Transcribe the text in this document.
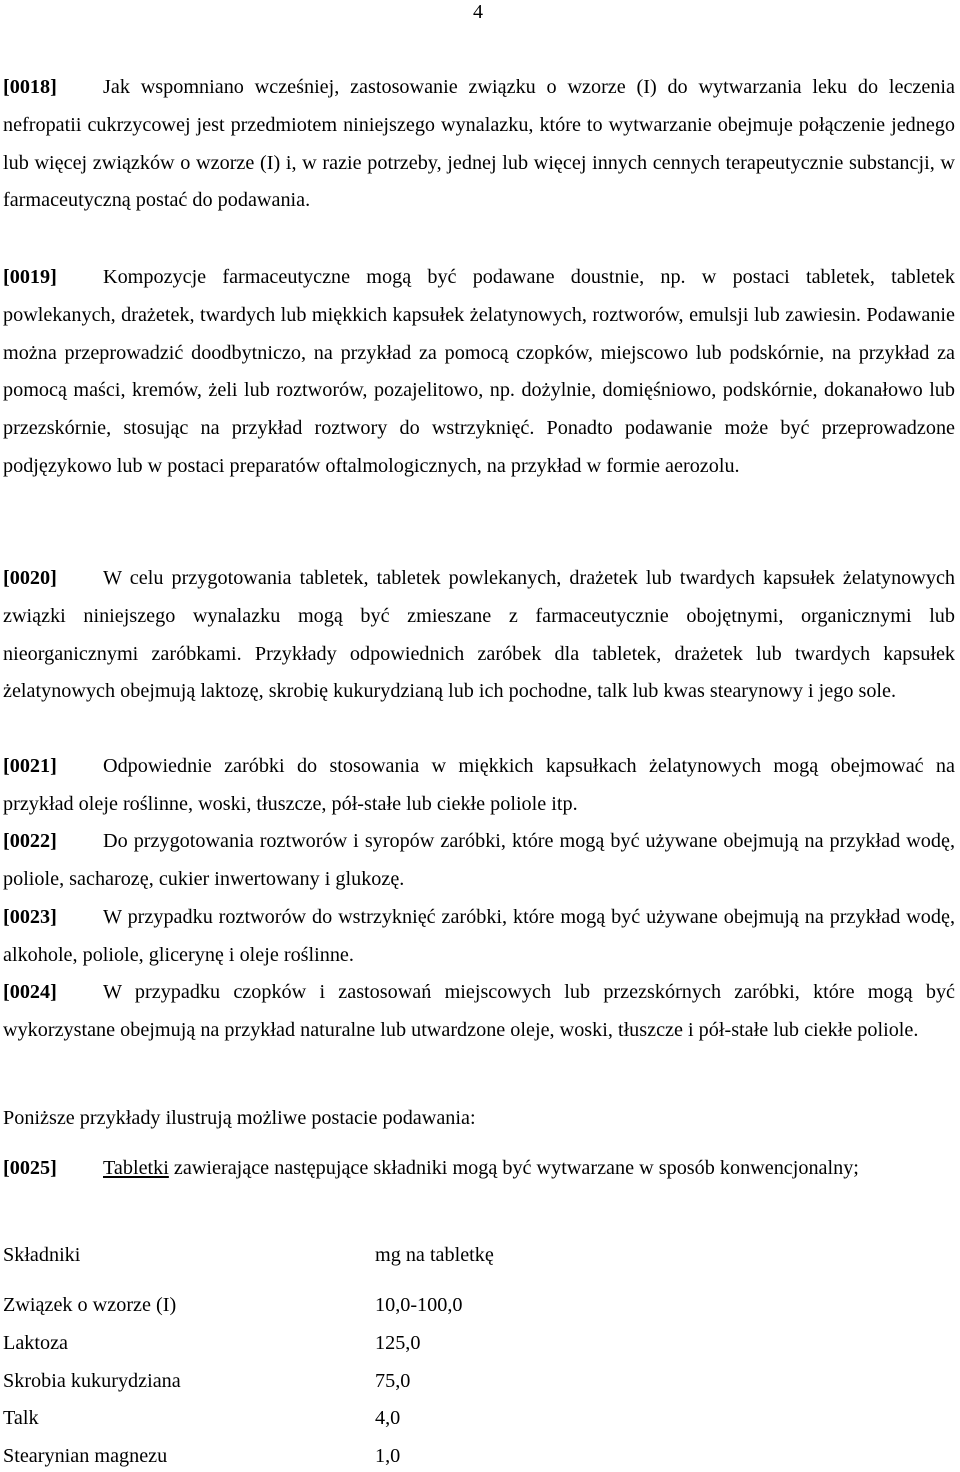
4

[0018] Jak wspomniano wcześniej, zastosowanie związku o wzorze (I) do wytwarzania leku do leczenia nefropatii cukrzycowej jest przedmiotem niniejszego wynalazku, które to wytwarzanie obejmuje połączenie jednego lub więcej związków o wzorze (I) i, w razie potrzeby, jednej lub więcej innych cennych terapeutycznie substancji, w farmaceutyczną postać do podawania.

[0019] Kompozycje farmaceutyczne mogą być podawane doustnie, np. w postaci tabletek, tabletek powlekanych, drażetek, twardych lub miękkich kapsułek żelatynowych, roztworów, emulsji lub zawiesin. Podawanie można przeprowadzić doodbytniczo, na przykład za pomocą czopków, miejscowo lub podskórnie, na przykład za pomocą maści, kremów, żeli lub roztworów, pozajelitowo, np. dożylnie, domięśniowo, podskórnie, dokanałowo lub przezskórnie, stosując na przykład roztwory do wstrzyknięć. Ponadto podawanie może być przeprowadzone podjęzykowo lub w postaci preparatów oftalmologicznych, na przykład w formie aerozolu.

[0020] W celu przygotowania tabletek, tabletek powlekanych, drażetek lub twardych kapsułek żelatynowych związki niniejszego wynalazku mogą być zmieszane z farmaceutycznie obojętnymi, organicznymi lub nieorganicznymi zaróbkami. Przykłady odpowiednich zaróbek dla tabletek, drażetek lub twardych kapsułek żelatynowych obejmują laktozę, skrobię kukurydzianą lub ich pochodne, talk lub kwas stearynowy i jego sole.

[0021] Odpowiednie zaróbki do stosowania w miękkich kapsułkach żelatynowych mogą obejmować na przykład oleje roślinne, woski, tłuszcze, pół-stałe lub ciekłe poliole itp.

[0022] Do przygotowania roztworów i syropów zaróbki, które mogą być używane obejmują na przykład wodę, poliole, sacharozę, cukier inwertowany i glukozę.

[0023] W przypadku roztworów do wstrzyknięć zaróbki, które mogą być używane obejmują na przykład wodę, alkohole, poliole, glicerynę i oleje roślinne.

[0024] W przypadku czopków i zastosowań miejscowych lub przezskórnych zaróbki, które mogą być wykorzystane obejmują na przykład naturalne lub utwardzone oleje, woski, tłuszcze i pół-stałe lub ciekłe poliole.

Poniższe przykłady ilustrują możliwe postacie podawania:

[0025] Tabletki zawierające następujące składniki mogą być wytwarzane w sposób konwencjonalny;

Składniki	mg na tabletkę
Związek o wzorze (I)	10,0-100,0
Laktoza	125,0
Skrobia kukurydziana	75,0
Talk	4,0
Stearynian magnezu	1,0
